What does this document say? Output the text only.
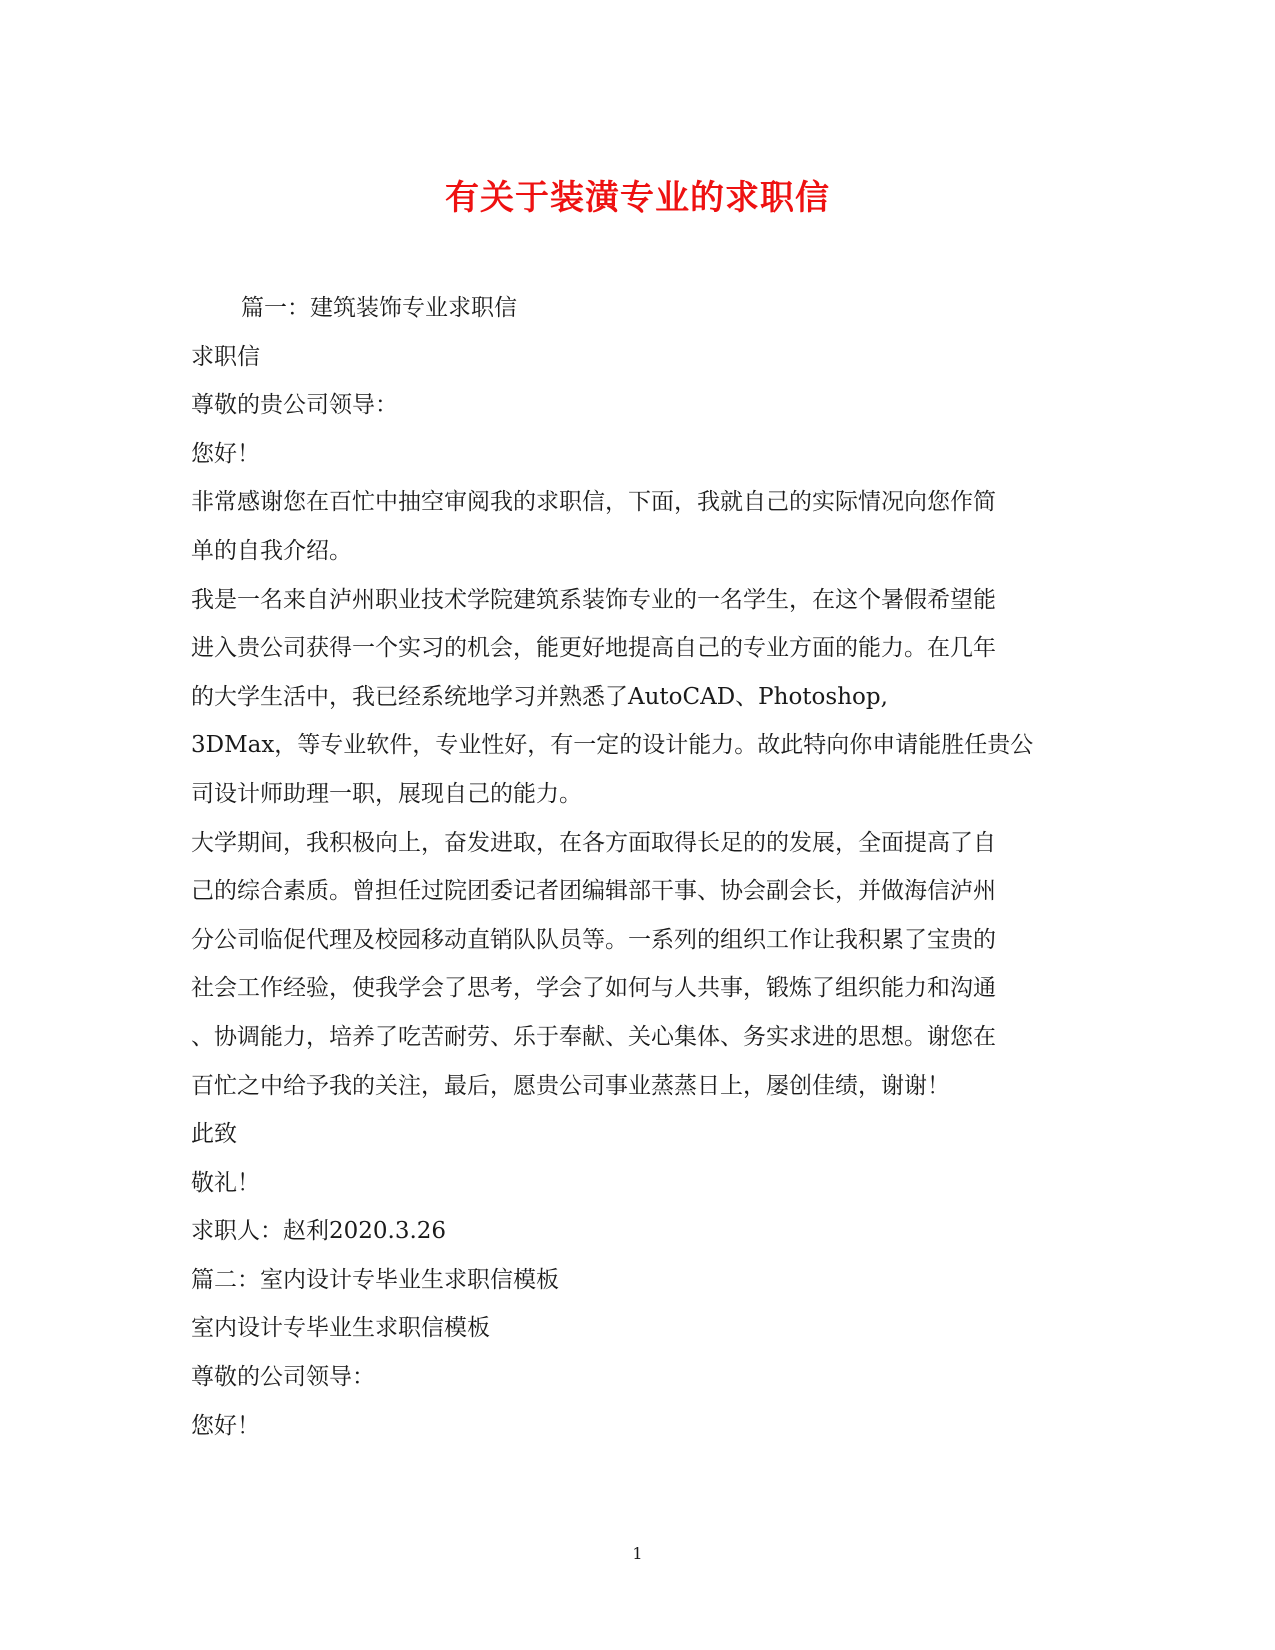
有关于装潢专业的求职信
篇一：建筑装饰专业求职信
求职信
尊敬的贵公司领导：
您好！
非常感谢您在百忙中抽空审阅我的求职信，下面，我就自己的实际情况向您作简
单的自我介绍。
我是一名来自泸州职业技术学院建筑系装饰专业的一名学生，在这个暑假希望能
进入贵公司获得一个实习的机会，能更好地提高自己的专业方面的能力。在几年
的大学生活中，我已经系统地学习并熟悉了AutoCAD、Photoshop,
3DMax，等专业软件，专业性好，有一定的设计能力。故此特向你申请能胜任贵公
司设计师助理一职，展现自己的能力。
大学期间，我积极向上，奋发进取，在各方面取得长足的的发展，全面提高了自
己的综合素质。曾担任过院团委记者团编辑部干事、协会副会长，并做海信泸州
分公司临促代理及校园移动直销队队员等。一系列的组织工作让我积累了宝贵的
社会工作经验，使我学会了思考，学会了如何与人共事，锻炼了组织能力和沟通
、协调能力，培养了吃苦耐劳、乐于奉献、关心集体、务实求进的思想。谢您在
百忙之中给予我的关注，最后，愿贵公司事业蒸蒸日上，屡创佳绩，谢谢！
此致
敬礼！
求职人：赵利2020.3.26
篇二：室内设计专毕业生求职信模板
室内设计专毕业生求职信模板
尊敬的公司领导：
您好！
1
